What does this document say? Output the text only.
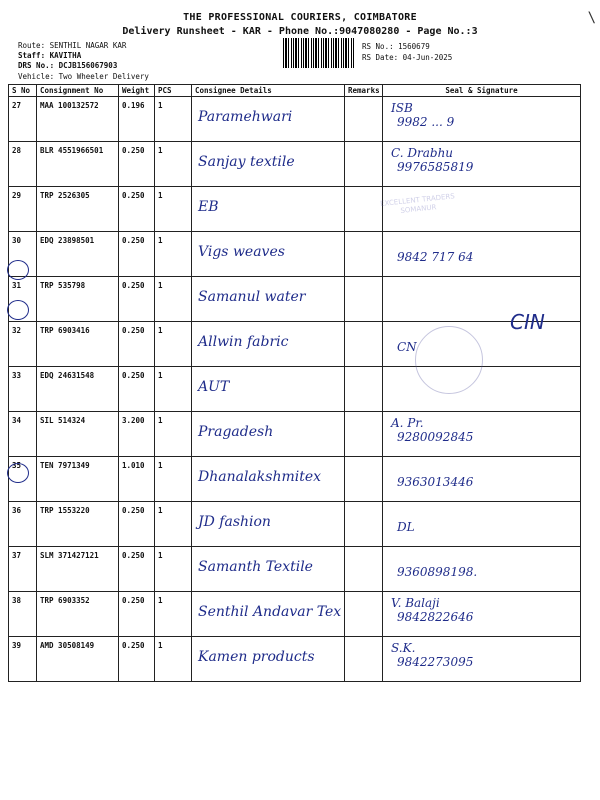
\
THE PROFESSIONAL COURIERS, COIMBATORE
Delivery Runsheet - KAR - Phone No.:9047080280 - Page No.:3
Route: SENTHIL NAGAR KAR
Staff: KAVITHA
DRS No.: DCJB156067903
Vehicle: Two Wheeler Delivery
RS No.: 1560679
RS Date: 04-Jun-2025
S No	Consignment No	Weight	PCS	Consignee Details	Remarks	Seal & Signature
27	MAA 100132572	0.196	1	Paramehwari		ISB
9982 ... 9

28	BLR 4551966501	0.250	1	Sanjay textile		C. Drabhu
9976585819

29	TRP 2526305	0.250	1	EB		

30	EDQ 23898501	0.250	1	Vigs weaves		9842 717 64

31	TRP 535798	0.250	1	Samanul water		

32	TRP 6903416	0.250	1	Allwin fabric		CN

33	EDQ 24631548	0.250	1	AUT		

34	SIL 514324	3.200	1	Pragadesh		A. Pr.
9280092845

35	TEN 7971349	1.010	1	Dhanalakshmitex		9363013446

36	TRP 1553220	0.250	1	JD fashion		DL

37	SLM 371427121	0.250	1	Samanth Textile		9360898198.

38	TRP 6903352	0.250	1	Senthil Andavar Tex		V. Balaji
9842822646

39	AMD 30508149	0.250	1	Kamen products		S.K.
9842273095
EXCELLENT TRADERS SOMANUR
CIN
